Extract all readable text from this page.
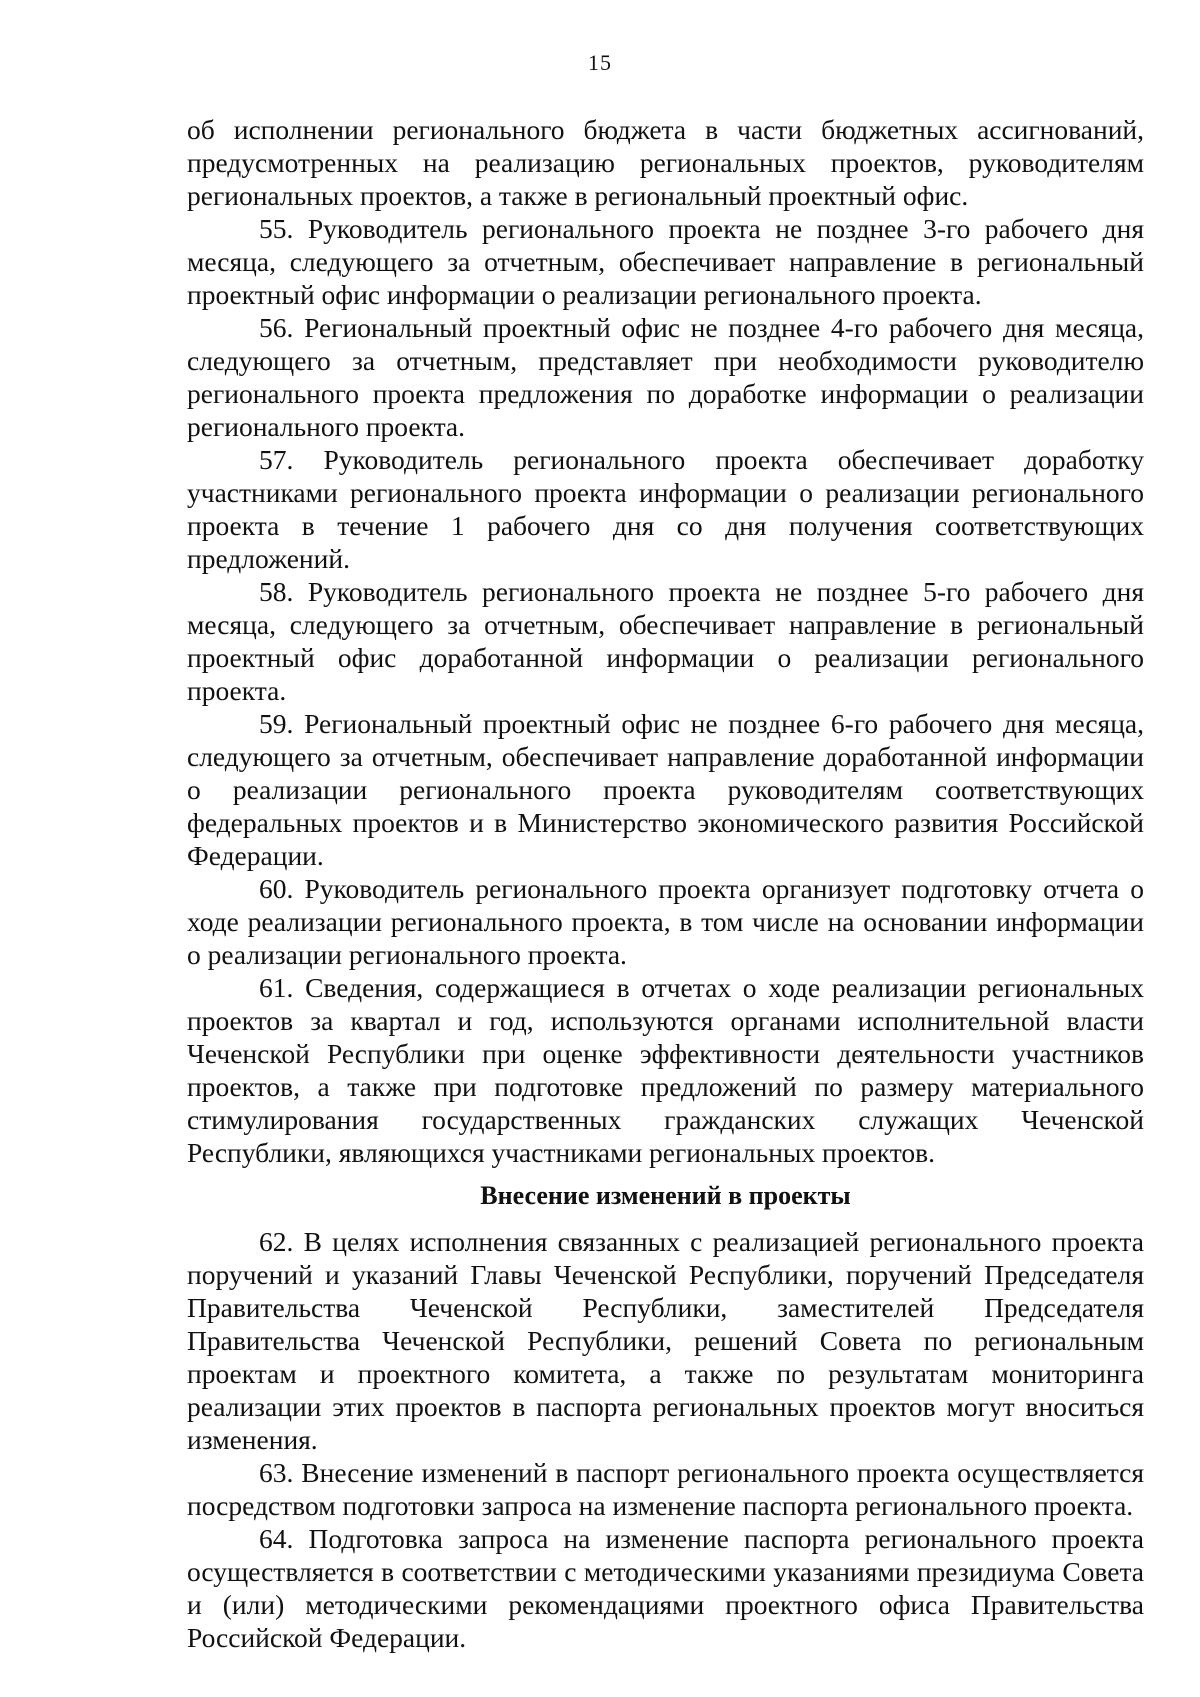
15

об исполнении регионального бюджета в части бюджетных ассигнований, предусмотренных на реализацию региональных проектов, руководителям региональных проектов, а также в региональный проектный офис.

55. Руководитель регионального проекта не позднее 3-го рабочего дня месяца, следующего за отчетным, обеспечивает направление в региональный проектный офис информации о реализации регионального проекта.

56. Региональный проектный офис не позднее 4-го рабочего дня месяца, следующего за отчетным, представляет при необходимости руководителю регионального проекта предложения по доработке информации о реализации регионального проекта.

57. Руководитель регионального проекта обеспечивает доработку участниками регионального проекта информации о реализации регионального проекта в течение 1 рабочего дня со дня получения соответствующих предложений.

58. Руководитель регионального проекта не позднее 5-го рабочего дня месяца, следующего за отчетным, обеспечивает направление в региональный проектный офис доработанной информации о реализации регионального проекта.

59. Региональный проектный офис не позднее 6-го рабочего дня месяца, следующего за отчетным, обеспечивает направление доработанной информации о реализации регионального проекта руководителям соответствующих федеральных проектов и в Министерство экономического развития Российской Федерации.

60. Руководитель регионального проекта организует подготовку отчета о ходе реализации регионального проекта, в том числе на основании информации о реализации регионального проекта.

61. Сведения, содержащиеся в отчетах о ходе реализации региональных проектов за квартал и год, используются органами исполнительной власти Чеченской Республики при оценке эффективности деятельности участников проектов, а также при подготовке предложений по размеру материального стимулирования государственных гражданских служащих Чеченской Республики, являющихся участниками региональных проектов.

Внесение изменений в проекты

62. В целях исполнения связанных с реализацией регионального проекта поручений и указаний Главы Чеченской Республики, поручений Председателя Правительства Чеченской Республики, заместителей Председателя Правительства Чеченской Республики, решений Совета по региональным проектам и проектного комитета, а также по результатам мониторинга реализации этих проектов в паспорта региональных проектов могут вноситься изменения.

63. Внесение изменений в паспорт регионального проекта осуществляется посредством подготовки запроса на изменение паспорта регионального проекта.

64. Подготовка запроса на изменение паспорта регионального проекта осуществляется в соответствии с методическими указаниями президиума Совета и (или) методическими рекомендациями проектного офиса Правительства Российской Федерации.
